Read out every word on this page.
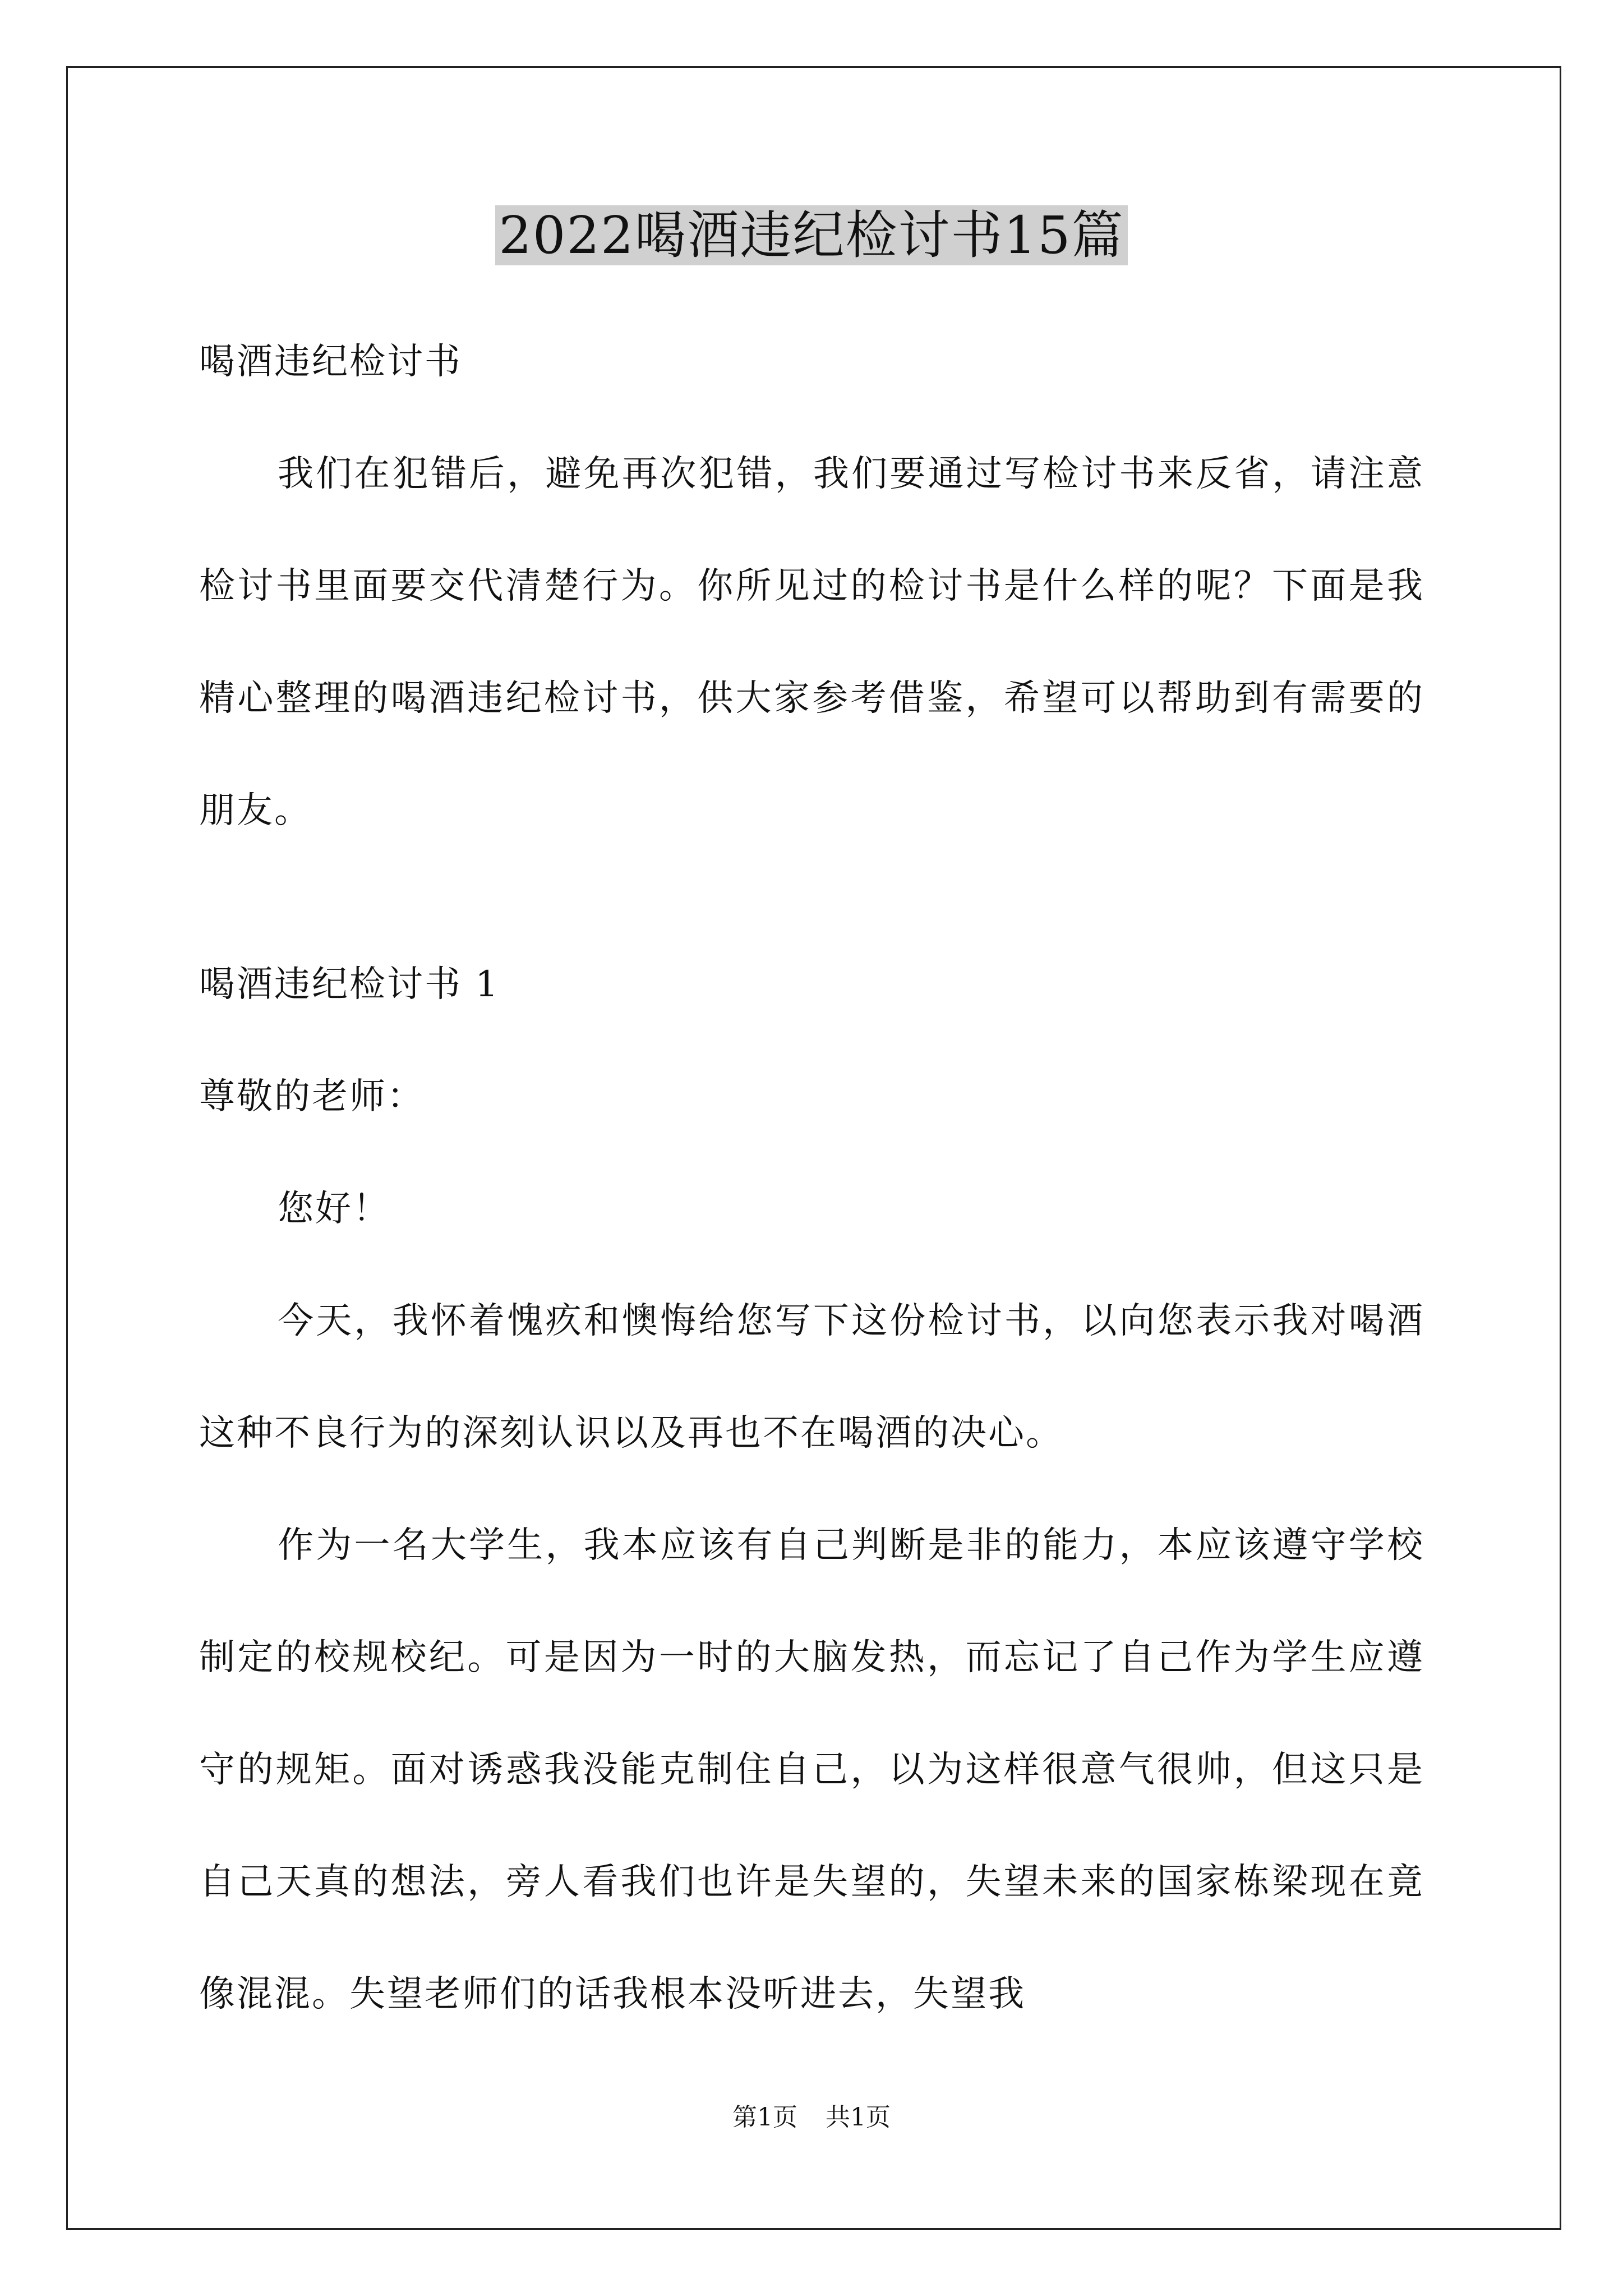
2022喝酒违纪检讨书15篇

喝酒违纪检讨书

我们在犯错后，避免再次犯错，我们要通过写检讨书来反省，请注意检讨书里面要交代清楚行为。你所见过的检讨书是什么样的呢？下面是我精心整理的喝酒违纪检讨书，供大家参考借鉴，希望可以帮助到有需要的朋友。

喝酒违纪检讨书 1

尊敬的老师：

您好！

今天，我怀着愧疚和懊悔给您写下这份检讨书，以向您表示我对喝酒这种不良行为的深刻认识以及再也不在喝酒的决心。

作为一名大学生，我本应该有自己判断是非的能力，本应该遵守学校制定的校规校纪。可是因为一时的大脑发热，而忘记了自己作为学生应遵守的规矩。面对诱惑我没能克制住自己，以为这样很意气很帅，但这只是自己天真的想法，旁人看我们也许是失望的，失望未来的国家栋梁现在竟像混混。失望老师们的话我根本没听进去，失望我

第1页 共1页
